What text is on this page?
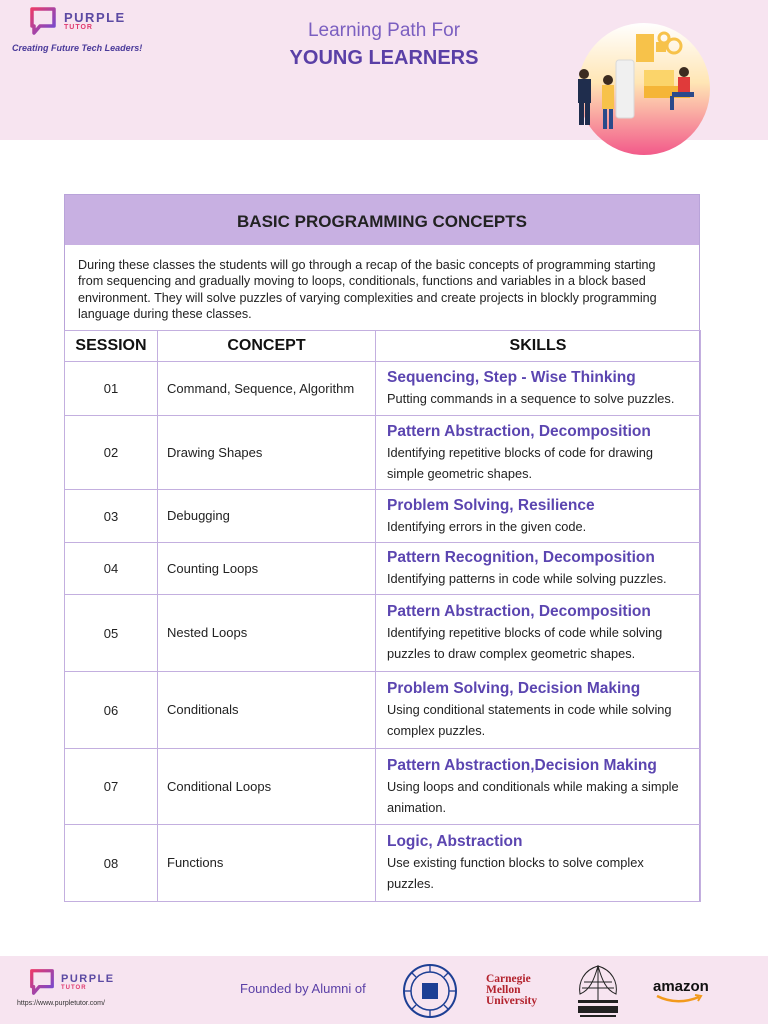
PURPLE
TUTOR
Creating Future Tech Leaders!
Learning Path For
YOUNG LEARNERS
BASIC PROGRAMMING CONCEPTS
During these classes the students will go through a recap of the basic concepts of programming starting from sequencing and gradually moving to loops, conditionals, functions and variables in a block based environment. They will solve puzzles of varying complexities and create projects in blockly programming language during these classes.
SESSION	CONCEPT	SKILLS
01	Command, Sequence, Algorithm	Sequencing, Step - Wise Thinking
Putting commands in a sequence to solve puzzles.

02	Drawing Shapes	Pattern Abstraction, Decomposition
Identifying repetitive blocks of code for drawing simple geometric shapes.

03	Debugging	Problem Solving, Resilience
Identifying errors in the given code.

04	Counting Loops	Pattern Recognition, Decomposition
Identifying patterns in code while solving puzzles.

05	Nested Loops	Pattern Abstraction, Decomposition
Identifying repetitive blocks of code while solving puzzles to draw complex geometric shapes.

06	Conditionals	Problem Solving, Decision Making
Using conditional statements in code while solving complex puzzles.

07	Conditional Loops	Pattern Abstraction,Decision Making
Using loops and conditionals while making a simple animation.

08	Functions	Logic, Abstraction
Use existing function blocks to solve complex puzzles.
PURPLE
TUTOR
https://www.purpletutor.com/
Founded by Alumni of
Carnegie
Mellon
University
amazon
